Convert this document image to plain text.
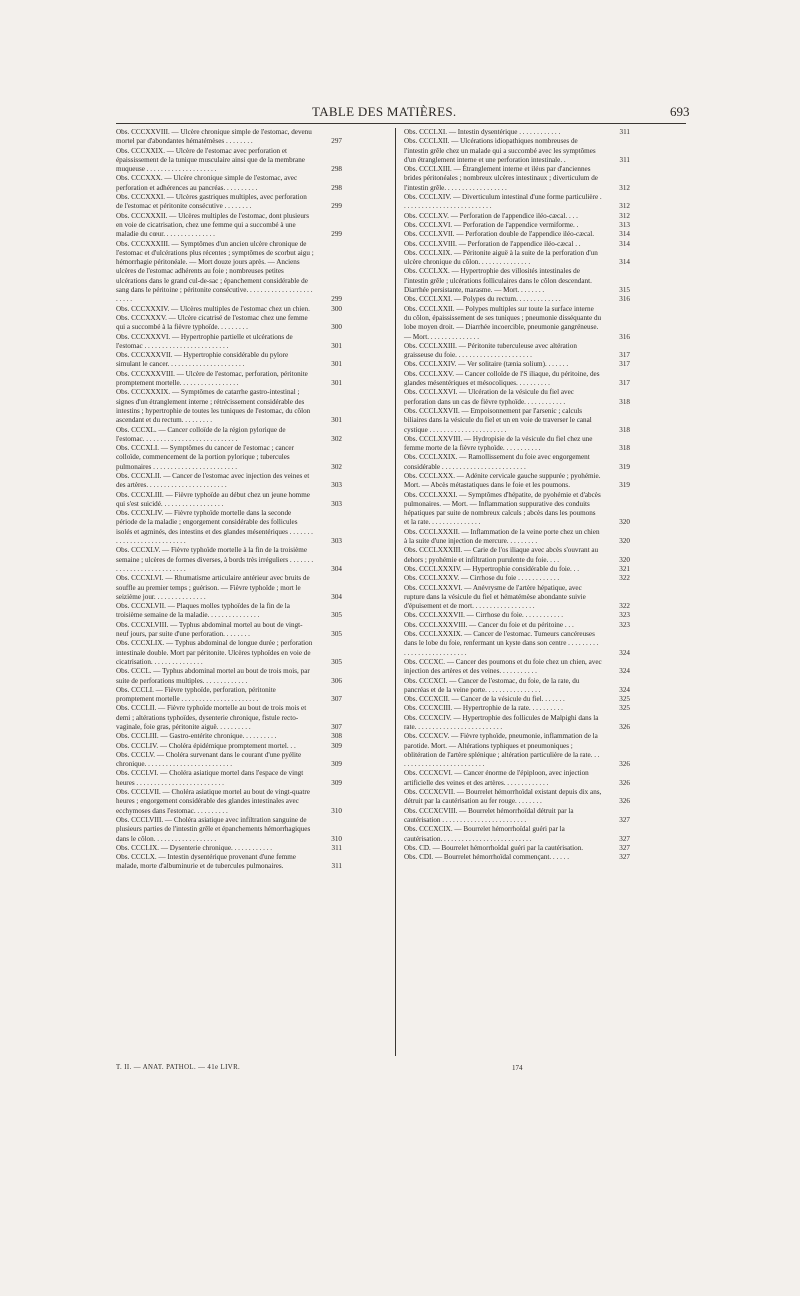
TABLE DES MATIÈRES.	693
Obs. CCCXXVIII. — Ulcère chronique simple de l'estomac, devenu mortel par d'abondantes hématémèses . . . . . . . .	297
Obs. CCCXXIX. — Ulcère de l'estomac avec perforation et épaississement de la tunique musculaire ainsi que de la membrane muqueuse . . . . . . . . . . . . . . . . . . . .	298
Obs. CCCXXX. — Ulcère chronique simple de l'estomac, avec perforation et adhérences au pancréas. . . . . . . . . .	298
Obs. CCCXXXI. — Ulcères gastriques multiples, avec perforation de l'estomac et péritonite consécutive . . . . . . . .	299
Obs. CCCXXXII. — Ulcères multiples de l'estomac, dont plusieurs en voie de cicatrisation, chez une femme qui a succombé à une maladie du cœur. . . . . . . . . . . . . . .	299
Obs. CCCXXXIII. — Symptômes d'un ancien ulcère chronique de l'estomac et d'ulcérations plus récentes ; symptômes de scorbut aigu ; hémorrhagie péritonéale. — Mort douze jours après. — Anciens ulcères de l'estomac adhérents au foie ; nombreuses petites ulcérations dans le grand cul-de-sac ; épanchement considérable de sang dans le péritoine ; péritonite consécutive. . . . . . . . . . . . . . . . . . . . . . . .	299
Obs. CCCXXXIV. — Ulcères multiples de l'estomac chez un chien.	300
Obs. CCCXXXV. — Ulcère cicatrisé de l'estomac chez une femme qui a succombé à la fièvre typhoïde. . . . . . . . .	300
Obs. CCCXXXVI. — Hypertrophie partielle et ulcérations de l'estomac . . . . . . . . . . . . . . . . . . . . . . . .	301
Obs. CCCXXXVII. — Hypertrophie considérable du pylore simulant le cancer. . . . . . . . . . . . . . . . . . . . . .	301
Obs. CCCXXXVIII. — Ulcère de l'estomac, perforation, péritonite promptement mortelle. . . . . . . . . . . . . . . . .	301
Obs. CCCXXXIX. — Symptômes de catarrhe gastro-intestinal ; signes d'un étranglement interne ; rétrécissement considérable des intestins ; hypertrophie de toutes les tuniques de l'estomac, du côlon ascendant et du rectum. . . . . . . . .	301
Obs. CCCXL. — Cancer colloïde de la région pylorique de l'estomac. . . . . . . . . . . . . . . . . . . . . . . . . . .	302
Obs. CCCXLI. — Symptômes du cancer de l'estomac ; cancer colloïde, commencement de la portion pylorique ; tubercules pulmonaires . . . . . . . . . . . . . . . . . . . . . . . .	302
Obs. CCCXLII. — Cancer de l'estomac avec injection des veines et des artères. . . . . . . . . . . . . . . . . . . . . . .	303
Obs. CCCXLIII. — Fièvre typhoïde au début chez un jeune homme qui s'est suicidé. . . . . . . . . . . . . . . . . .	303
Obs. CCCXLIV. — Fièvre typhoïde mortelle dans la seconde période de la maladie ; engorgement considérable des follicules isolés et agminés, des intestins et des glandes mésentériques . . . . . . . . . . . . . . . . . . . . . . . . . . .	303
Obs. CCCXLV. — Fièvre typhoïde mortelle à la fin de la troisième semaine ; ulcères de formes diverses, à bords très irréguliers . . . . . . . . . . . . . . . . . . . . . . . . . . .	304
Obs. CCCXLVI. — Rhumatisme articulaire antérieur avec bruits de souffle au premier temps ; guérison. — Fièvre typhoïde ; mort le seizième jour. . . . . . . . . . . . . . .	304
Obs. CCCXLVII. — Plaques molles typhoïdes de la fin de la troisième semaine de la maladie. . . . . . . . . . . . . . .	305
Obs. CCCXLVIII. — Typhus abdominal mortel au bout de vingt-neuf jours, par suite d'une perforation. . . . . . . .	305
Obs. CCCXLIX. — Typhus abdominal de longue durée ; perforation intestinale double. Mort par péritonite. Ulcères typhoïdes en voie de cicatrisation. . . . . . . . . . . . . . .	305
Obs. CCCL. — Typhus abdominal mortel au bout de trois mois, par suite de perforations multiples. . . . . . . . . . . . .	306
Obs. CCCLI. — Fièvre typhoïde, perforation, péritonite promptement mortelle . . . . . . . . . . . . . . . . . . . . . .	307
Obs. CCCLII. — Fièvre typhoïde mortelle au bout de trois mois et demi ; altérations typhoïdes, dysenterie chronique, fistule recto-vaginale, foie gras, péritonite aiguë. . . . . . . . . .	307
Obs. CCCLIII. — Gastro-entérite chronique. . . . . . . . . .	308
Obs. CCCLIV. — Choléra épidémique promptement mortel. . .	309
Obs. CCCLV. — Choléra survenant dans le courant d'une pyélite chronique. . . . . . . . . . . . . . . . . . . . . . . . .	309
Obs. CCCLVI. — Choléra asiatique mortel dans l'espace de vingt heures . . . . . . . . . . . . . . . . . . . . . . . . .	309
Obs. CCCLVII. — Choléra asiatique mortel au bout de vingt-quatre heures ; engorgement considérable des glandes intestinales avec ecchymoses dans l'estomac. . . . . . . . . .	310
Obs. CCCLVIII. — Choléra asiatique avec infiltration sanguine de plusieurs parties de l'intestin grêle et épanchements hémorrhagiques dans le côlon. . . . . . . . . . . . . . . . . .	310
Obs. CCCLIX. — Dysenterie chronique. . . . . . . . . . . .	311
Obs. CCCLX. — Intestin dysentérique provenant d'une femme malade, morte d'albuminurie et de tubercules pulmonaires.	311
Obs. CCCLXI. — Intestin dysentérique . . . . . . . . . . . .	311
Obs. CCCLXII. — Ulcérations idiopathiques nombreuses de l'intestin grêle chez un malade qui a succombé avec les symptômes d'un étranglement interne et une perforation intestinale. .	311
Obs. CCCLXIII. — Étranglement interne et iléus par d'anciennes brides péritonéales ; nombreux ulcères intestinaux ; diverticulum de l'intestin grêle. . . . . . . . . . . . . . . . . .	312
Obs. CCCLXIV. — Diverticulum intestinal d'une forme particulière . . . . . . . . . . . . . . . . . . . . . . . . . .	312
Obs. CCCLXV. — Perforation de l'appendice iléo-cæcal. . . .	312
Obs. CCCLXVI. — Perforation de l'appendice vermiforme. .	313
Obs. CCCLXVII. — Perforation double de l'appendice iléo-cæcal.	314
Obs. CCCLXVIII. — Perforation de l'appendice iléo-cæcal . .	314
Obs. CCCLXIX. — Péritonite aiguë à la suite de la perforation d'un ulcère chronique du côlon. . . . . . . . . . . . . . .	314
Obs. CCCLXX. — Hypertrophie des villosités intestinales de l'intestin grêle ; ulcérations folliculaires dans le côlon descendant. Diarrhée persistante, marasme. — Mort. . . . . . . .	315
Obs. CCCLXXI. — Polypes du rectum. . . . . . . . . . . . .	316
Obs. CCCLXXII. — Polypes multiples sur toute la surface interne du côlon, épaississement de ses tuniques ; pneumonie disséquante du lobe moyen droit. — Diarrhée incoercible, pneumonie gangréneuse. — Mort. . . . . . . . . . . . . . .	316
Obs. CCCLXXIII. — Péritonite tuberculeuse avec altération graisseuse du foie. . . . . . . . . . . . . . . . . . . . . .	317
Obs. CCCLXXIV. — Ver solitaire (tænia solium). . . . . . .	317
Obs. CCCLXXV. — Cancer colloïde de l'S iliaque, du péritoine, des glandes mésentériques et mésocoliques. . . . . . . . . .	317
Obs. CCCLXXVI. — Ulcération de la vésicule du fiel avec perforation dans un cas de fièvre typhoïde. . . . . . . . . . . .	318
Obs. CCCLXXVII. — Empoisonnement par l'arsenic ; calculs biliaires dans la vésicule du fiel et un en voie de traverser le canal cystique . . . . . . . . . . . . . . . . . . . . . .	318
Obs. CCCLXXVIII. — Hydropisie de la vésicule du fiel chez une femme morte de la fièvre typhoïde. . . . . . . . . . .	318
Obs. CCCLXXIX. — Ramollissement du foie avec engorgement considérable . . . . . . . . . . . . . . . . . . . . . . . .	319
Obs. CCCLXXX. — Adénite cervicale gauche suppurée ; pyohémie. Mort. — Abcès métastatiques dans le foie et les poumons.	319
Obs. CCCLXXXI. — Symptômes d'hépatite, de pyohémie et d'abcès pulmonaires. — Mort. — Inflammation suppurative des conduits hépatiques par suite de nombreux calculs ; abcès dans les poumons et la rate. . . . . . . . . . . . . . .	320
Obs. CCCLXXXII. — Inflammation de la veine porte chez un chien à la suite d'une injection de mercure. . . . . . . . .	320
Obs. CCCLXXXIII. — Carie de l'os iliaque avec abcès s'ouvrant au dehors ; pyohémie et infiltration purulente du foie. . . .	320
Obs. CCCLXXXIV. — Hypertrophie considérable du foie. . .	321
Obs. CCCLXXXV. — Cirrhose du foie . . . . . . . . . . . .	322
Obs. CCCLXXXVI. — Anévrysme de l'artère hépatique, avec rupture dans la vésicule du fiel et hématémèse abondante suivie d'épuisement et de mort. . . . . . . . . . . . . . . . . .	322
Obs. CCCLXXXVII. — Cirrhose du foie. . . . . . . . . . . .	323
Obs. CCCLXXXVIII. — Cancer du foie et du péritoine . . .	323
Obs. CCCLXXXIX. — Cancer de l'estomac. Tumeurs cancéreuses dans le lobe du foie, renfermant un kyste dans son centre . . . . . . . . . . . . . . . . . . . . . . . . . . .	324
Obs. CCCXC. — Cancer des poumons et du foie chez un chien, avec injection des artères et des veines. . . . . . . . . . .	324
Obs. CCCXCI. — Cancer de l'estomac, du foie, de la rate, du pancréas et de la veine porte. . . . . . . . . . . . . . . .	324
Obs. CCCXCII. — Cancer de la vésicule du fiel. . . . . . .	325
Obs. CCCXCIII. — Hypertrophie de la rate. . . . . . . . . .	325
Obs. CCCXCIV. — Hypertrophie des follicules de Malpighi dans la rate. . . . . . . . . . . . . . . . . . . . . . . . .	326
Obs. CCCXCV. — Fièvre typhoïde, pneumonie, inflammation de la parotide. Mort. — Altérations typhiques et pneumoniques ; oblitération de l'artère splénique ; altération particulière de la rate. . . . . . . . . . . . . . . . . . . . . . . . . .	326
Obs. CCCXCVI. — Cancer énorme de l'épiploon, avec injection artificielle des veines et des artères. . . . . . . . . . . . .	326
Obs. CCCXCVII. — Bourrelet hémorrhoïdal existant depuis dix ans, détruit par la cautérisation au fer rouge. . . . . . . .	326
Obs. CCCXCVIII. — Bourrelet hémorrhoïdal détruit par la cautérisation . . . . . . . . . . . . . . . . . . . . . . . .	327
Obs. CCCXCIX. — Bourrelet hémorrhoïdal guéri par la cautérisation. . . . . . . . . . . . . . . . . . . . . . . . . .	327
Obs. CD. — Bourrelet hémorrhoïdal guéri par la cautérisation.	327
Obs. CDI. — Bourrelet hémorrhoïdal commençant. . . . . .	327
T. II. — ANAT. PATHOL. — 41e LIVR.	174
